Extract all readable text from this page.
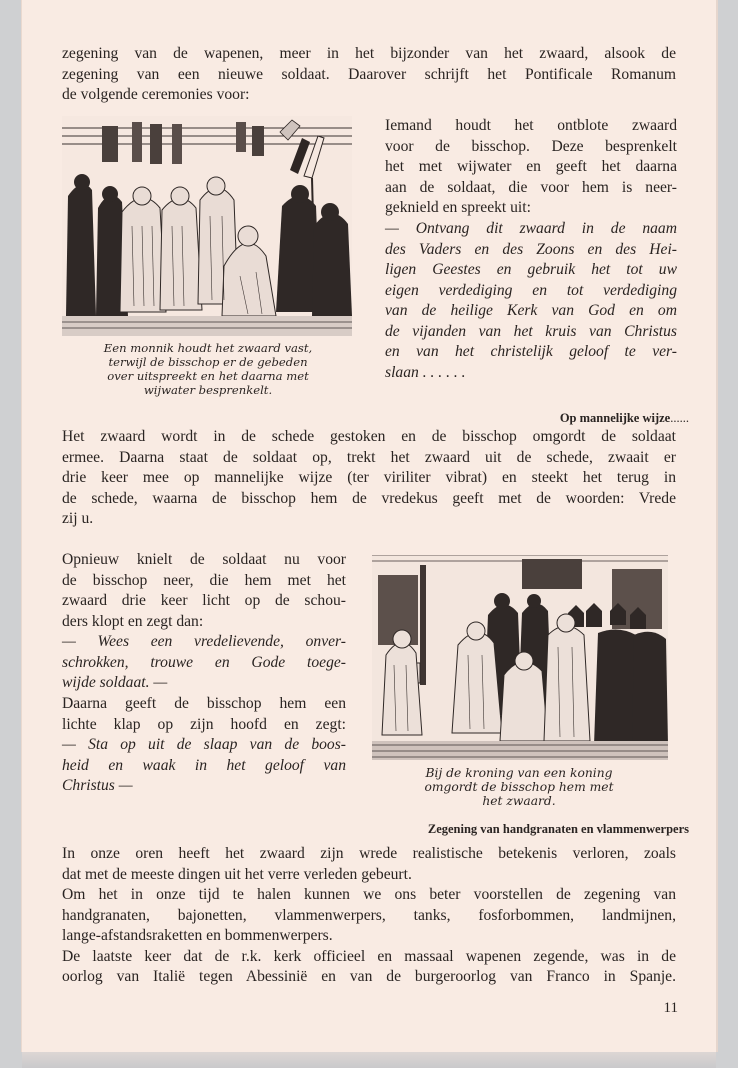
zegening van de wapenen, meer in het bijzonder van het zwaard, alsook de
zegening van een nieuwe soldaat. Daarover schrijft het Pontificale Romanum
de volgende ceremonies voor:
Een monnik houdt het zwaard vast,
terwijl de bisschop er de gebeden
over uitspreekt en het daarna met
wijwater besprenkelt.
Iemand houdt het ontblote zwaard
voor de bisschop. Deze besprenkelt
het met wijwater en geeft het daarna
aan de soldaat, die voor hem is neer-
geknield en spreekt uit:
— Ontvang dit zwaard in de naam
des Vaders en des Zoons en des Hei-
ligen Geestes en gebruik het tot uw
eigen verdediging en tot verdediging
van de heilige Kerk van God en om
de vijanden van het kruis van Christus
en van het christelijk geloof te ver-
slaan . . . . . .
Op mannelijke wijze......
Het zwaard wordt in de schede gestoken en de bisschop omgordt de soldaat
ermee. Daarna staat de soldaat op, trekt het zwaard uit de schede, zwaait er
drie keer mee op mannelijke wijze (ter viriliter vibrat) en steekt het terug in
de schede, waarna de bisschop hem de vredekus geeft met de woorden: Vrede
zij u.
Opnieuw knielt de soldaat nu voor
de bisschop neer, die hem met het
zwaard drie keer licht op de schou-
ders klopt en zegt dan:
— Wees een vredelievende, onver-
schrokken, trouwe en Gode toege-
wijde soldaat. —
Daarna geeft de bisschop hem een
lichte klap op zijn hoofd en zegt:
— Sta op uit de slaap van de boos-
heid en waak in het geloof van
Christus —
Bij de kroning van een koning
omgordt de bisschop hem met
het zwaard.
Zegening van handgranaten en vlammenwerpers
In onze oren heeft het zwaard zijn wrede realistische betekenis verloren, zoals
dat met de meeste dingen uit het verre verleden gebeurt.
Om het in onze tijd te halen kunnen we ons beter voorstellen de zegening van
handgranaten, bajonetten, vlammenwerpers, tanks, fosforbommen, landmijnen,
lange-afstandsraketten en bommenwerpers.
De laatste keer dat de r.k. kerk officieel en massaal wapenen zegende, was in de
oorlog van Italië tegen Abessinië en van de burgeroorlog van Franco in Spanje.
11
